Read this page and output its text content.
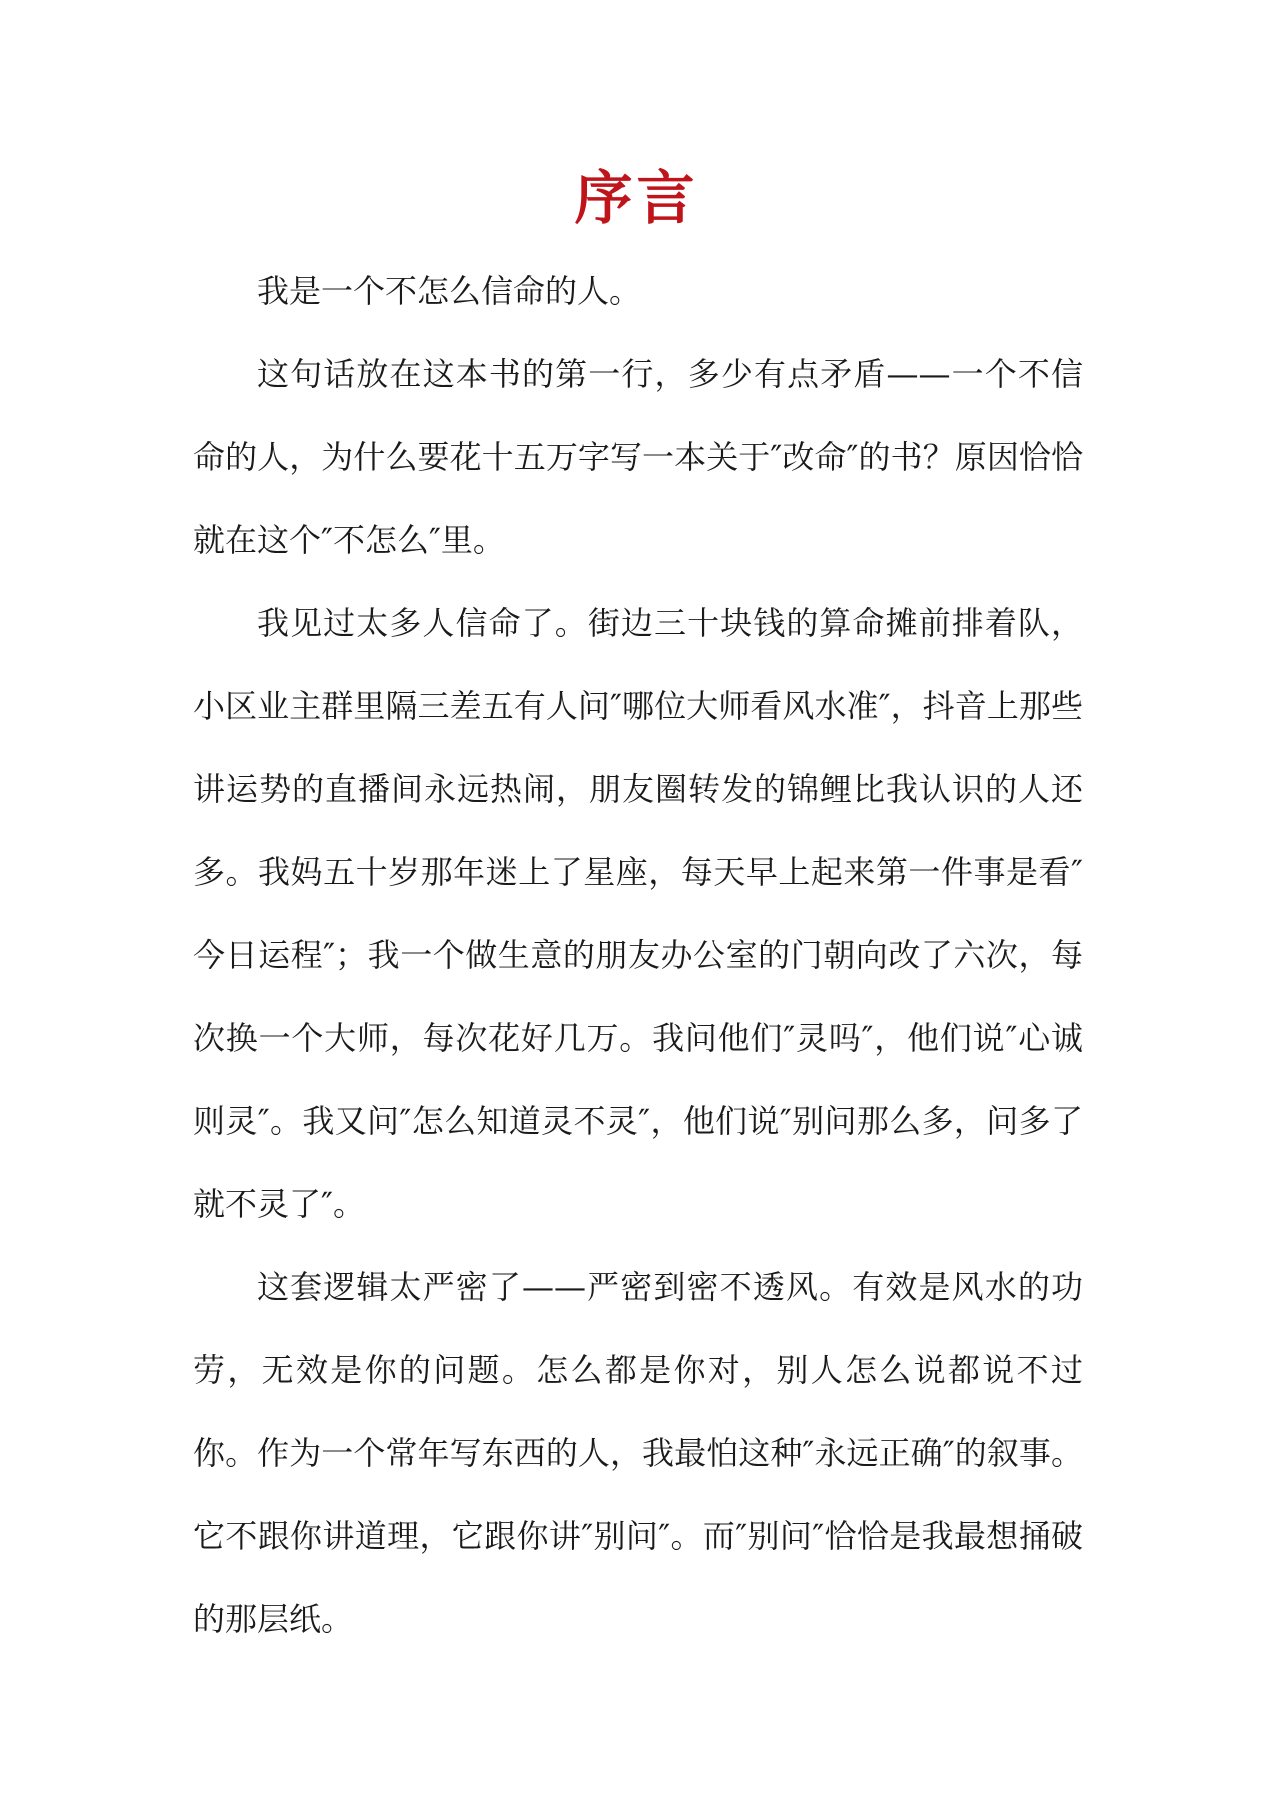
序言

我是一个不怎么信命的人。

这句话放在这本书的第一行，多少有点矛盾——一个不信命的人，为什么要花十五万字写一本关于″改命″的书？原因恰恰就在这个″不怎么″里。

我见过太多人信命了。街边三十块钱的算命摊前排着队，小区业主群里隔三差五有人问″哪位大师看风水准″，抖音上那些讲运势的直播间永远热闹，朋友圈转发的锦鲤比我认识的人还多。我妈五十岁那年迷上了星座，每天早上起来第一件事是看″今日运程″；我一个做生意的朋友办公室的门朝向改了六次，每次换一个大师，每次花好几万。我问他们″灵吗″，他们说″心诚则灵″。我又问″怎么知道灵不灵″，他们说″别问那么多，问多了就不灵了″。

这套逻辑太严密了——严密到密不透风。有效是风水的功劳，无效是你的问题。怎么都是你对，别人怎么说都说不过你。作为一个常年写东西的人，我最怕这种″永远正确″的叙事。它不跟你讲道理，它跟你讲″别问″。而″别问″恰恰是我最想捅破的那层纸。
